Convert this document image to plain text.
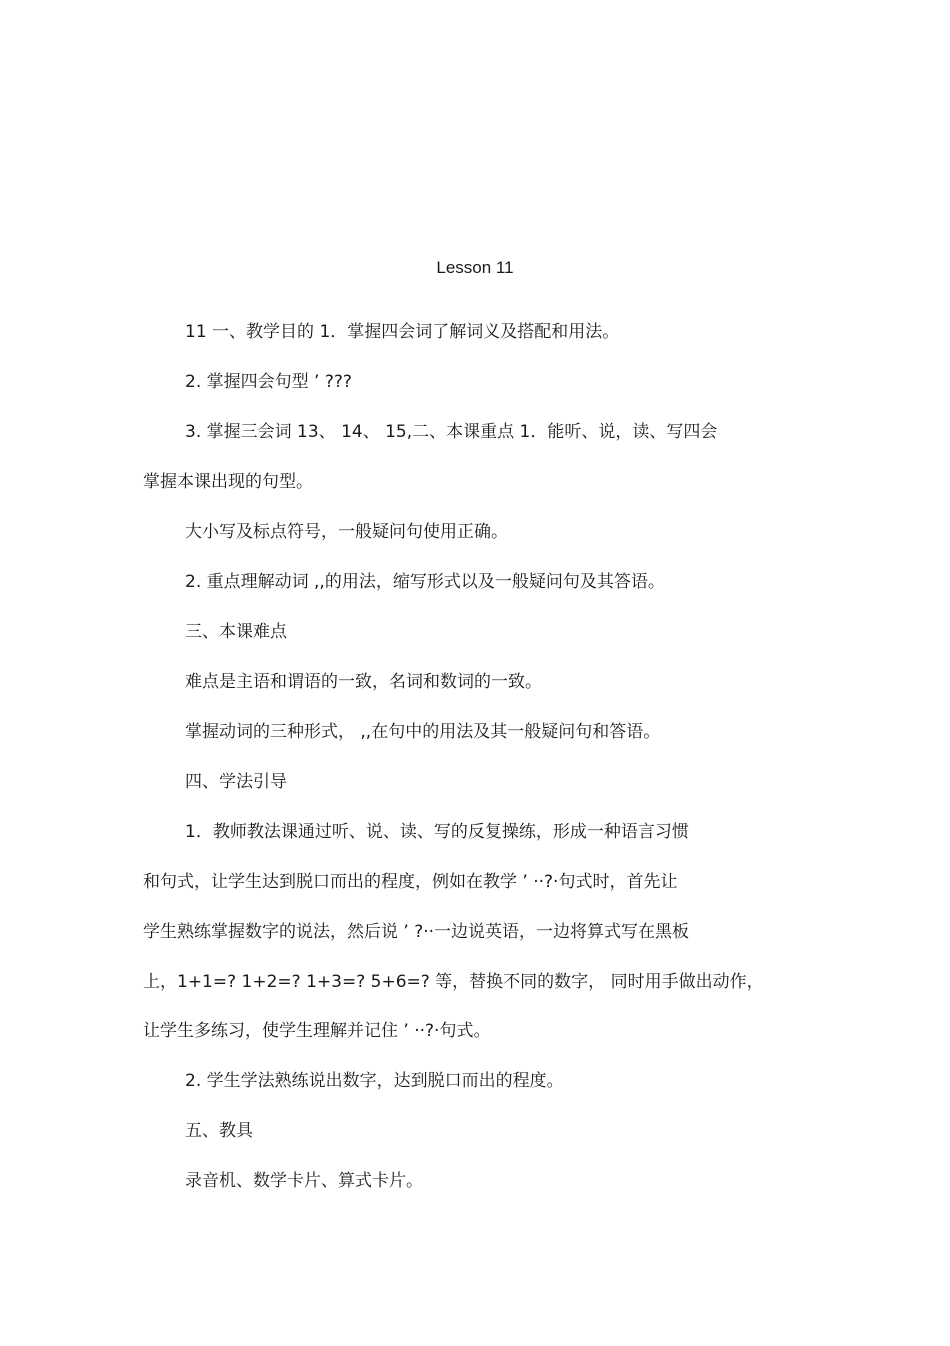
Lesson 11
11 一、教学目的 1．掌握四会词了解词义及搭配和用法。
2. 掌握四会句型 ’ ???
3. 掌握三会词 13、 14、 15,二、本课重点 1．能听、说，读、写四会
掌握本课出现的句型。
大小写及标点符号，一般疑问句使用正确。
2. 重点理解动词 ,,的用法，缩写形式以及一般疑问句及其答语。
三、本课难点
难点是主语和谓语的一致，名词和数词的一致。
掌握动词的三种形式， ,,在句中的用法及其一般疑问句和答语。
四、学法引导
1．教师教法课通过听、说、读、写的反复操练，形成一种语言习惯
和句式，让学生达到脱口而出的程度，例如在教学 ’ ··?·句式时，首先让
学生熟练掌握数字的说法，然后说 ’ ?··一边说英语，一边将算式写在黑板
上，1+1=? 1+2=? 1+3=? 5+6=? 等，替换不同的数字， 同时用手做出动作，
让学生多练习，使学生理解并记住 ’ ··?·句式。
2. 学生学法熟练说出数字，达到脱口而出的程度。
五、教具
录音机、数学卡片、算式卡片。
